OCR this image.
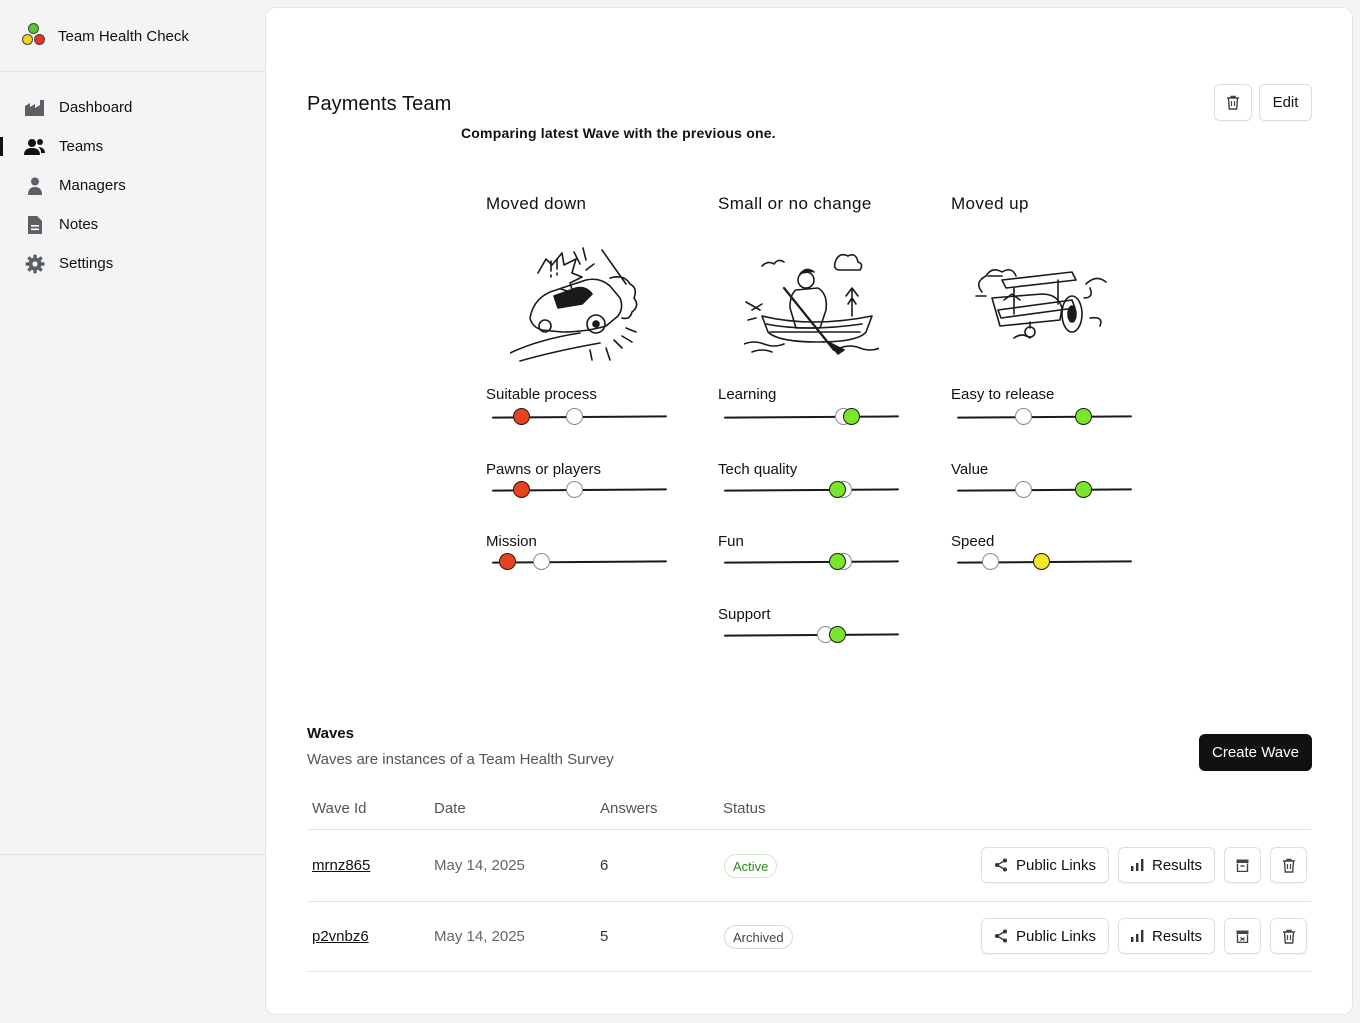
Team Health Check
Dashboard
Teams
Managers
Notes
Settings
Payments Team
Comparing latest Wave with the previous one.
Edit
Moved down	Small or no change	Moved up
Suitable process
Pawns or players
Mission
Learning
Tech quality
Fun
Support
Easy to release
Value
Speed
Waves
Waves are instances of a Team Health Survey	Create Wave
Wave Id	Date	Answers	Status
mrnz865	May 14, 2025	6	Active	Public Links	Results
p2vnbz6	May 14, 2025	5	Archived	Public Links	Results
